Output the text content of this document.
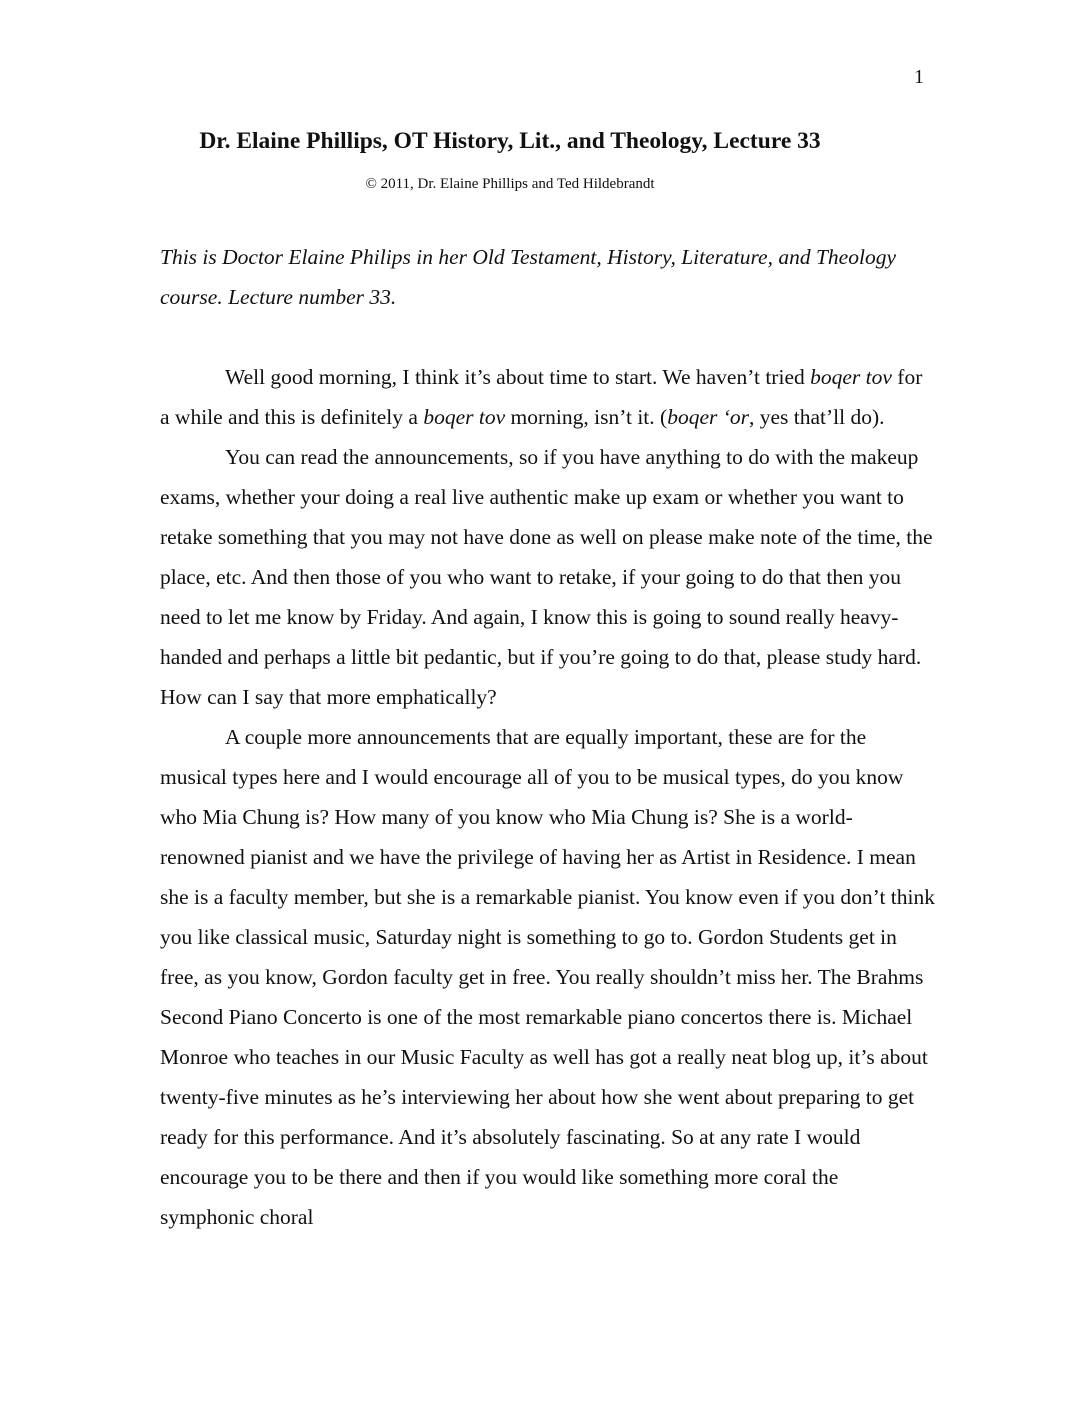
1
Dr. Elaine Phillips, OT History, Lit., and Theology, Lecture 33
© 2011, Dr. Elaine Phillips and Ted Hildebrandt

This is Doctor Elaine Philips in her Old Testament, History, Literature, and Theology course. Lecture number 33.

Well good morning, I think it’s about time to start. We haven’t tried boqer tov for a while and this is definitely a boqer tov morning, isn’t it. (boqer ‘or, yes that’ll do).

You can read the announcements, so if you have anything to do with the makeup exams, whether your doing a real live authentic make up exam or whether you want to retake something that you may not have done as well on please make note of the time, the place, etc. And then those of you who want to retake, if your going to do that then you need to let me know by Friday. And again, I know this is going to sound really heavy-handed and perhaps a little bit pedantic, but if you’re going to do that, please study hard. How can I say that more emphatically?

A couple more announcements that are equally important, these are for the musical types here and I would encourage all of you to be musical types, do you know who Mia Chung is? How many of you know who Mia Chung is? She is a world-renowned pianist and we have the privilege of having her as Artist in Residence. I mean she is a faculty member, but she is a remarkable pianist. You know even if you don’t think you like classical music, Saturday night is something to go to. Gordon Students get in free, as you know, Gordon faculty get in free. You really shouldn’t miss her. The Brahms Second Piano Concerto is one of the most remarkable piano concertos there is. Michael Monroe who teaches in our Music Faculty as well has got a really neat blog up, it’s about twenty-five minutes as he’s interviewing her about how she went about preparing to get ready for this performance. And it’s absolutely fascinating. So at any rate I would encourage you to be there and then if you would like something more coral the symphonic choral
